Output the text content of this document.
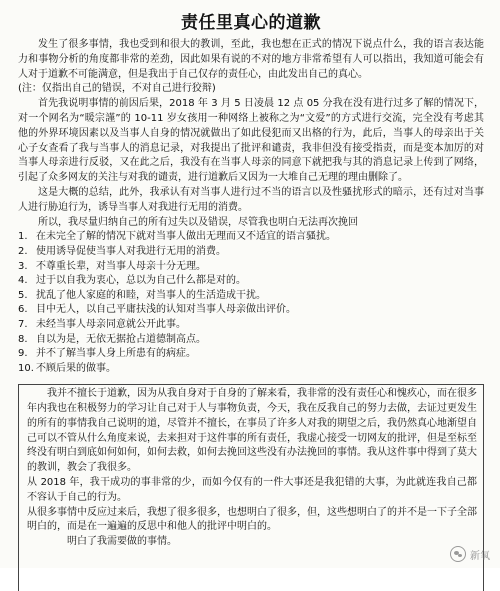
责任里真心的道歉

发生了很多事情，我也受到和很大的教训，至此，我也想在正式的情况下说点什么，我的语言表达能力和事物分析的角度都非常的差劲，因此如果有说的不对的地方非常希望有人可以指出，我知道可能会有人对于道歉不可能满意，但是我出于自己仅存的责任心，由此发出自己的真心。

(注：仅指出自己的错误，不对自己进行狡辩)

首先我说明事情的前因后果，2018 年 3 月 5 日凌晨 12 点 05 分我在没有进行过多了解的情况下，对一个网名为“暖宗謹”的 10-11 岁女孩用一种网络上被称之为“文爱”的方式进行交流，完全没有考虑其他的外界环境因素以及当事人自身的情况就做出了如此侵犯而又出格的行为，此后，当事人的母亲出于关心子女查看了我与当事人的消息记录，对我提出了批评和谴责，我非但没有接受指责，而是变本加厉的对当事人母亲进行反驳，又在此之后，我没有在当事人母亲的同意下就把我与其的消息记录上传到了网络，引起了众多网友的关注与对我的谴责，进行道歉后又因为一大堆自己无理的理由删除了。

这是大概的总结，此外，我承认有对当事人进行过不当的语言以及性骚扰形式的暗示，还有过对当事人进行胁迫行为，诱导当事人对我进行无用的消费。

所以，我尽量归纳自己的所有过失以及错误，尽管我也明白无法再次挽回

1. 在未完全了解的情况下就对当事人做出无理而又不适宜的语言骚扰。
2. 使用诱导促使当事人对我进行无用的消费。
3. 不尊重长辈，对当事人母亲十分无理。
4. 过于以自我为衷心，总以为自己什么都是对的。
5. 扰乱了他人家庭的和睦，对当事人的生活造成干扰。
6. 目中无人，以自己平庸扶浅的认知对当事人母亲做出评价。
7. 未经当事人母亲同意就公开此事。
8. 自以为是，无依无据抢占道德制高点。
9. 并不了解当事人身上所患有的病症。
10. 不顾后果的做事。

我并不擅长于道歉，因为从我自身对于自身的了解来看，我非常的没有责任心和愧疚心，而在很多年内我也在积极努力的学习让自己对于人与事物负责，今天，我在反我自己的努力去做，去证过更发生的所有的事情我自己说明的道，尽管并不擅长，在事员了许多人对我的期望之后，我仍然真心地渐望自己可以不管从什么角度来说，去来担对于这件事的所有责任，我虚心接受一切网友的批评，但是至标至终没有明白到底如何如何，如何去救，如何去挽回这些没有办法挽回的事情。我从这件事中得到了莫大的教训，教会了我很多。

从 2018 年，我干成功的事非常的少，而如今仅有的一件大事还是我犯错的大事，为此就连我自己都不容认于自己的行为。

从很多事情中反应过来后，我想了很多很多，也想明白了很多，但，这些想明白了的并不是一下子全部明白的，而是在一遍遍的反思中和他人的批评中明白的。

明白了我需要做的事情。

新氧
